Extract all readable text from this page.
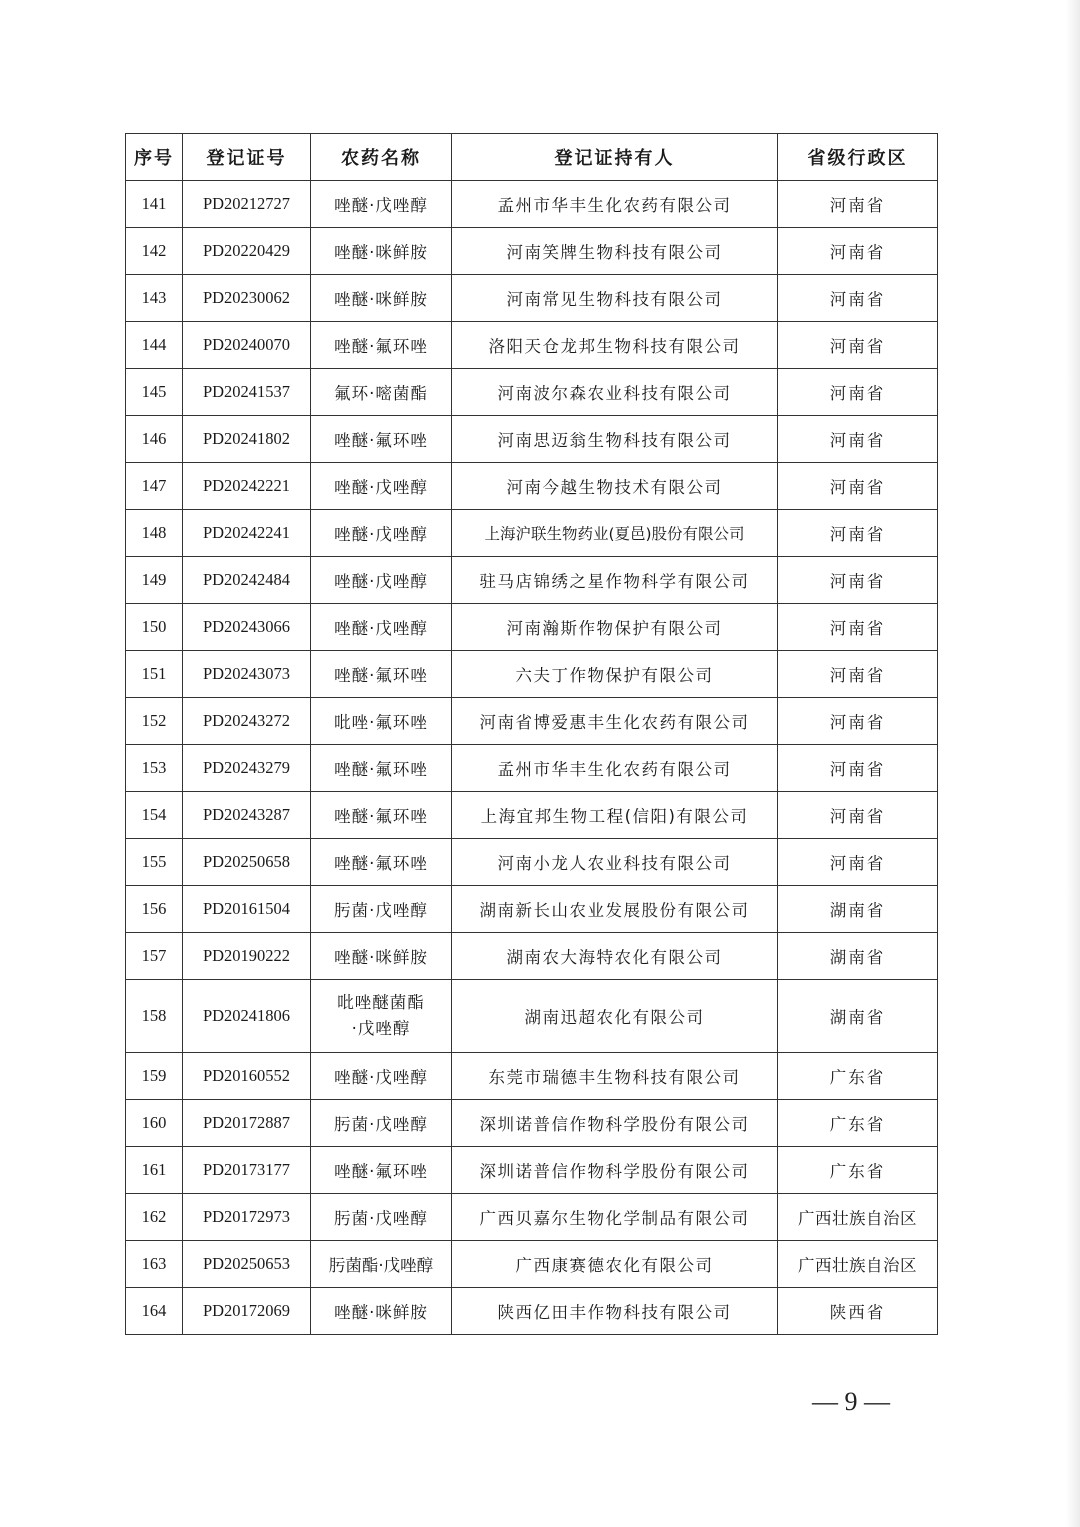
序号	登记证号	农药名称	登记证持有人	省级行政区
141	PD20212727	唑醚·戊唑醇	孟州市华丰生化农药有限公司	河南省
142	PD20220429	唑醚·咪鲜胺	河南笑牌生物科技有限公司	河南省
143	PD20230062	唑醚·咪鲜胺	河南常见生物科技有限公司	河南省
144	PD20240070	唑醚·氟环唑	洛阳天仓龙邦生物科技有限公司	河南省
145	PD20241537	氟环·嘧菌酯	河南波尔森农业科技有限公司	河南省
146	PD20241802	唑醚·氟环唑	河南思迈翁生物科技有限公司	河南省
147	PD20242221	唑醚·戊唑醇	河南今越生物技术有限公司	河南省
148	PD20242241	唑醚·戊唑醇	上海沪联生物药业(夏邑)股份有限公司	河南省
149	PD20242484	唑醚·戊唑醇	驻马店锦绣之星作物科学有限公司	河南省
150	PD20243066	唑醚·戊唑醇	河南瀚斯作物保护有限公司	河南省
151	PD20243073	唑醚·氟环唑	六夫丁作物保护有限公司	河南省
152	PD20243272	吡唑·氟环唑	河南省博爱惠丰生化农药有限公司	河南省
153	PD20243279	唑醚·氟环唑	孟州市华丰生化农药有限公司	河南省
154	PD20243287	唑醚·氟环唑	上海宜邦生物工程(信阳)有限公司	河南省
155	PD20250658	唑醚·氟环唑	河南小龙人农业科技有限公司	河南省
156	PD20161504	肟菌·戊唑醇	湖南新长山农业发展股份有限公司	湖南省
157	PD20190222	唑醚·咪鲜胺	湖南农大海特农化有限公司	湖南省
158	PD20241806	吡唑醚菌酯
·戊唑醇	湖南迅超农化有限公司	湖南省
159	PD20160552	唑醚·戊唑醇	东莞市瑞德丰生物科技有限公司	广东省
160	PD20172887	肟菌·戊唑醇	深圳诺普信作物科学股份有限公司	广东省
161	PD20173177	唑醚·氟环唑	深圳诺普信作物科学股份有限公司	广东省
162	PD20172973	肟菌·戊唑醇	广西贝嘉尔生物化学制品有限公司	广西壮族自治区
163	PD20250653	肟菌酯·戊唑醇	广西康赛德农化有限公司	广西壮族自治区
164	PD20172069	唑醚·咪鲜胺	陕西亿田丰作物科技有限公司	陕西省
— 9 —
